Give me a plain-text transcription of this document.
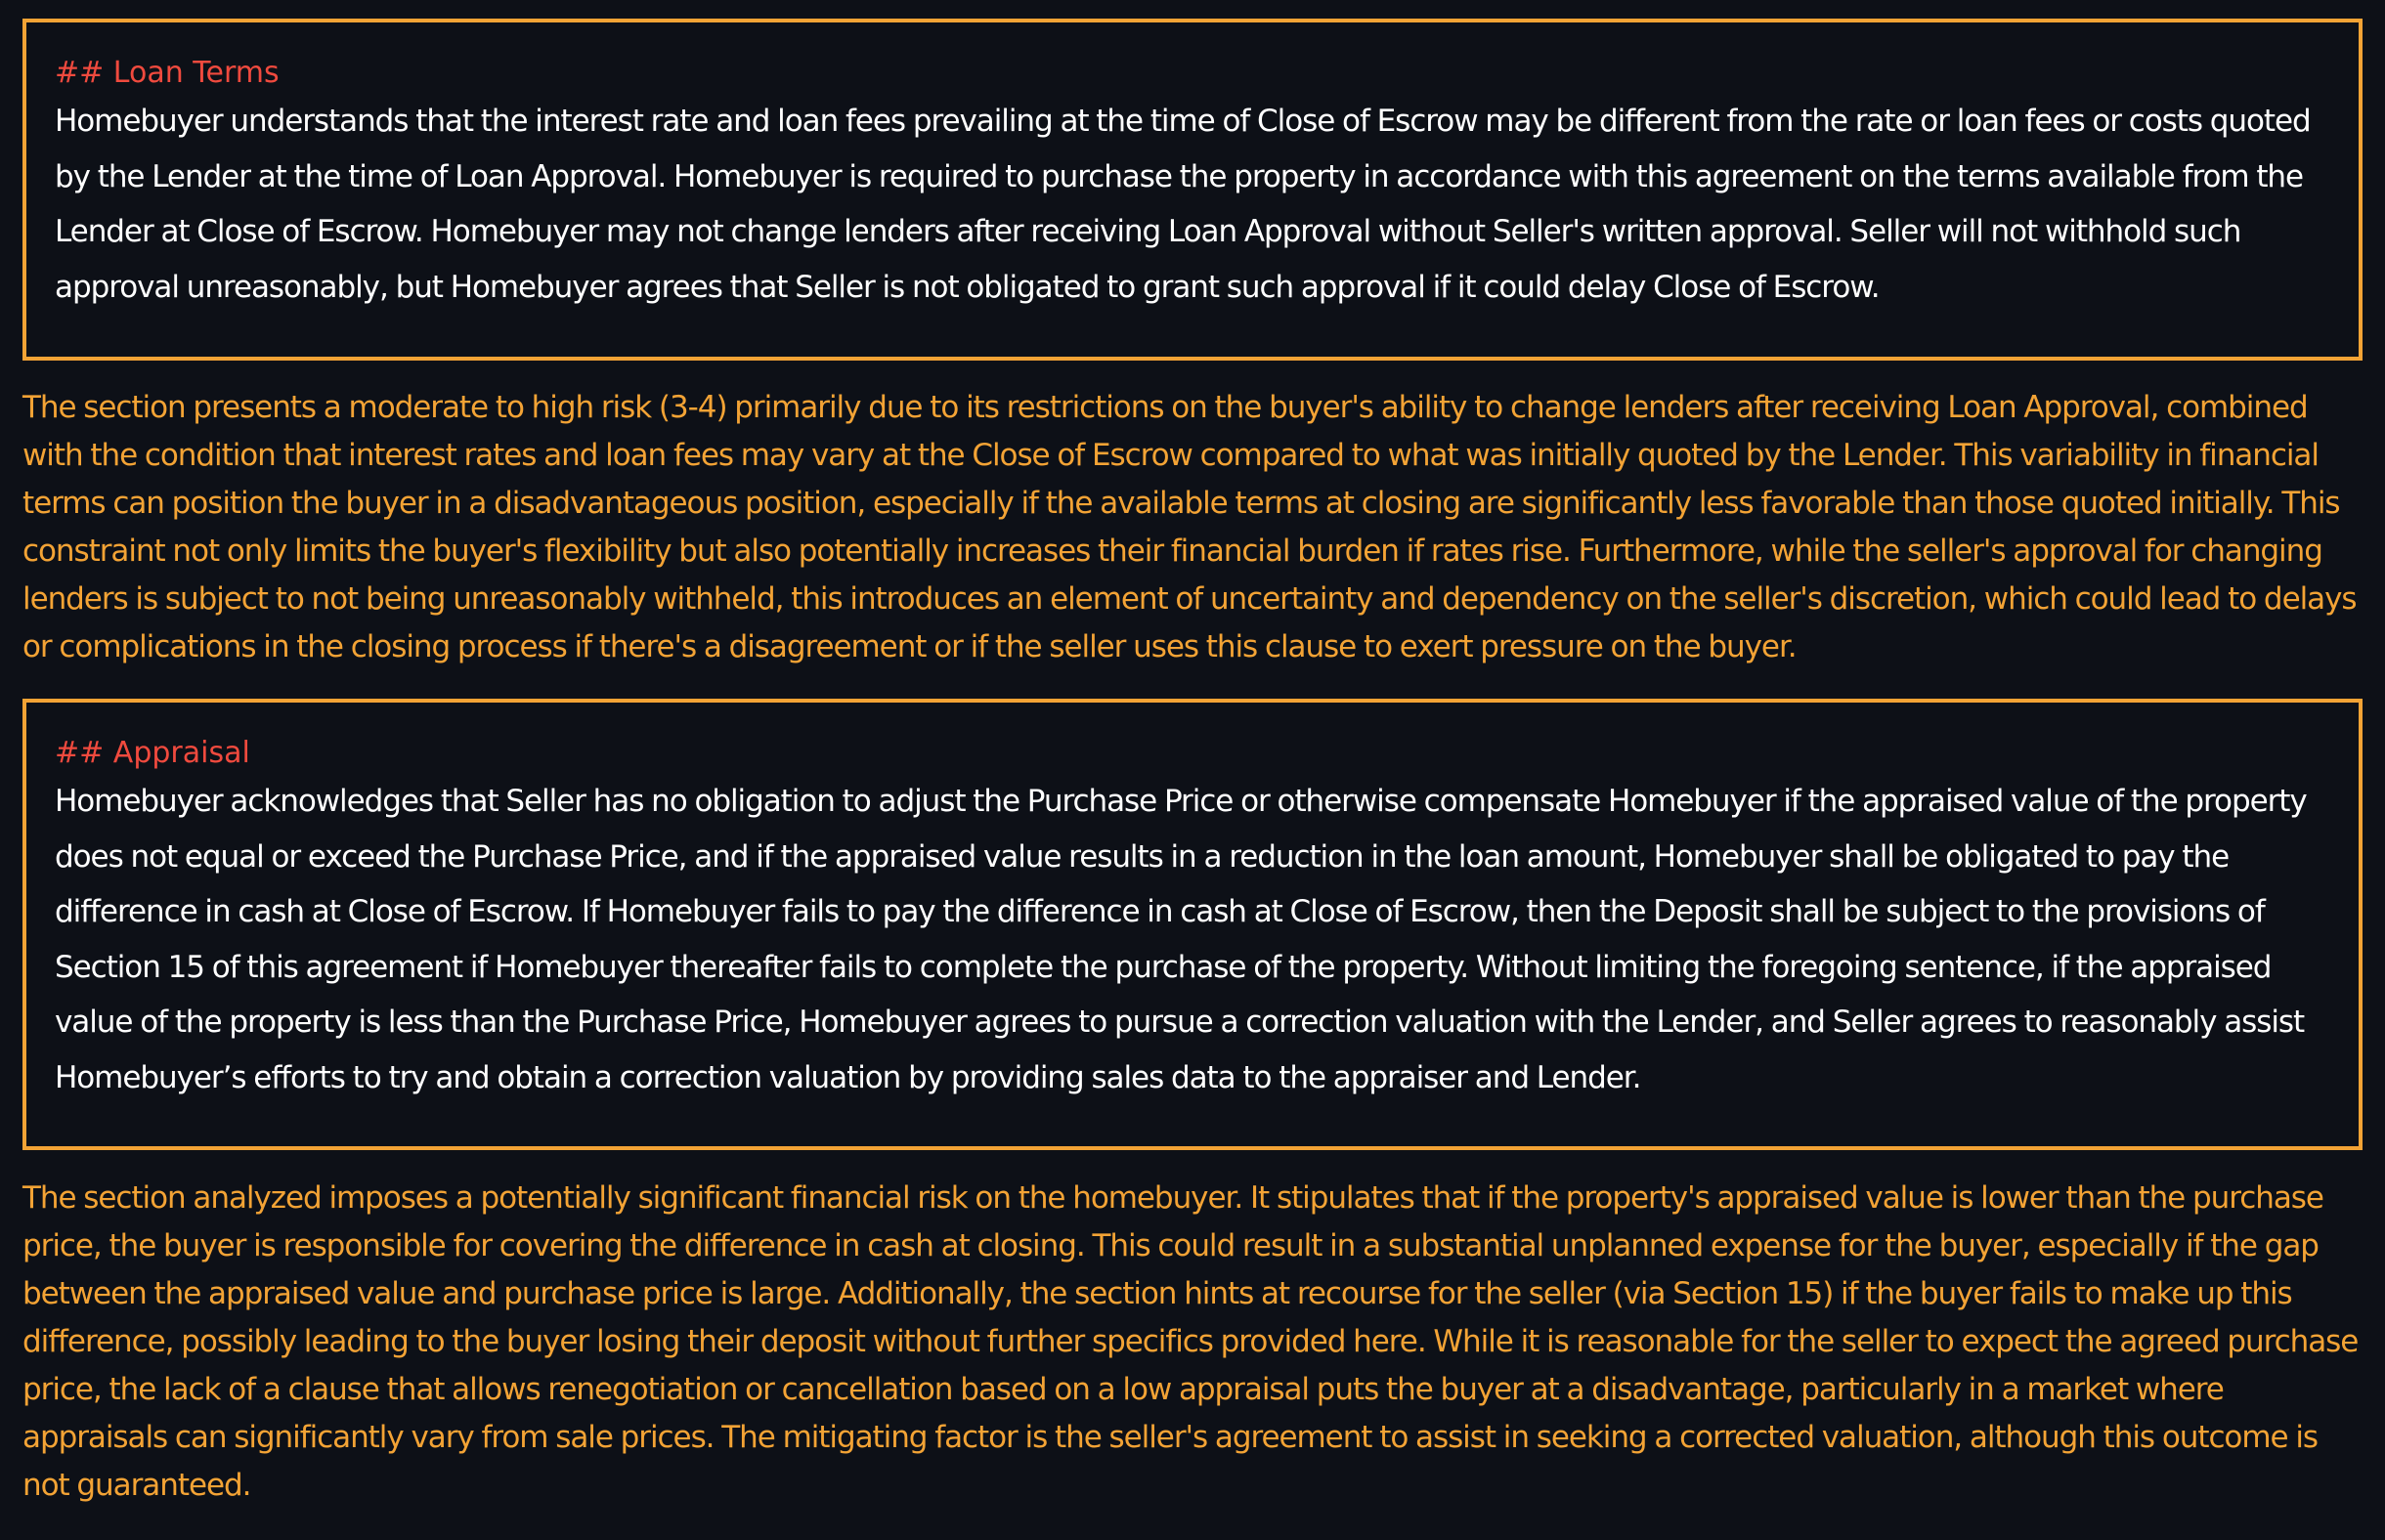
## Loan Terms

Homebuyer understands that the interest rate and loan fees prevailing at the time of Close of Escrow may be different from the rate or loan fees or costs quoted by the Lender at the time of Loan Approval. Homebuyer is required to purchase the property in accordance with this agreement on the terms available from the Lender at Close of Escrow. Homebuyer may not change lenders after receiving Loan Approval without Seller's written approval. Seller will not withhold such approval unreasonably, but Homebuyer agrees that Seller is not obligated to grant such approval if it could delay Close of Escrow.

The section presents a moderate to high risk (3-4) primarily due to its restrictions on the buyer's ability to change lenders after receiving Loan Approval, combined with the condition that interest rates and loan fees may vary at the Close of Escrow compared to what was initially quoted by the Lender. This variability in financial terms can position the buyer in a disadvantageous position, especially if the available terms at closing are significantly less favorable than those quoted initially. This constraint not only limits the buyer's flexibility but also potentially increases their financial burden if rates rise. Furthermore, while the seller's approval for changing lenders is subject to not being unreasonably withheld, this introduces an element of uncertainty and dependency on the seller's discretion, which could lead to delays or complications in the closing process if there's a disagreement or if the seller uses this clause to exert pressure on the buyer.

## Appraisal

Homebuyer acknowledges that Seller has no obligation to adjust the Purchase Price or otherwise compensate Homebuyer if the appraised value of the property does not equal or exceed the Purchase Price, and if the appraised value results in a reduction in the loan amount, Homebuyer shall be obligated to pay the difference in cash at Close of Escrow. If Homebuyer fails to pay the difference in cash at Close of Escrow, then the Deposit shall be subject to the provisions of Section 15 of this agreement if Homebuyer thereafter fails to complete the purchase of the property. Without limiting the foregoing sentence, if the appraised value of the property is less than the Purchase Price, Homebuyer agrees to pursue a correction valuation with the Lender, and Seller agrees to reasonably assist Homebuyer’s efforts to try and obtain a correction valuation by providing sales data to the appraiser and Lender.

The section analyzed imposes a potentially significant financial risk on the homebuyer. It stipulates that if the property's appraised value is lower than the purchase price, the buyer is responsible for covering the difference in cash at closing. This could result in a substantial unplanned expense for the buyer, especially if the gap between the appraised value and purchase price is large. Additionally, the section hints at recourse for the seller (via Section 15) if the buyer fails to make up this difference, possibly leading to the buyer losing their deposit without further specifics provided here. While it is reasonable for the seller to expect the agreed purchase price, the lack of a clause that allows renegotiation or cancellation based on a low appraisal puts the buyer at a disadvantage, particularly in a market where appraisals can significantly vary from sale prices. The mitigating factor is the seller's agreement to assist in seeking a corrected valuation, although this outcome is not guaranteed.
